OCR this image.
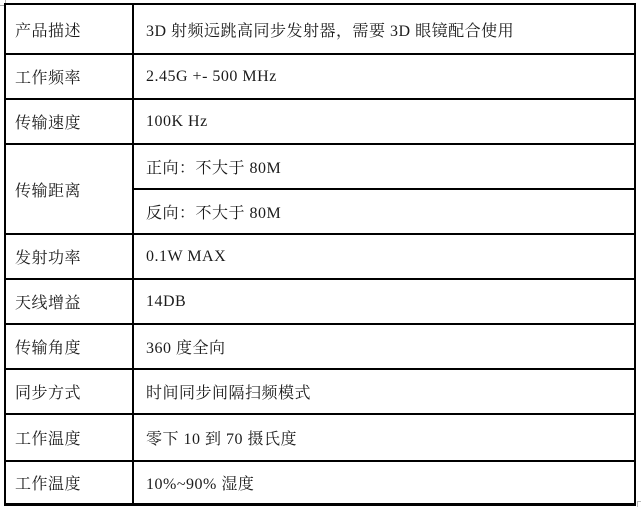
产品描述	3D 射频远跳高同步发射器，需要 3D 眼镜配合使用
工作频率	2.45G +- 500 MHz
传输速度	100K Hz
传输距离	正向：不大于 80M
	反向：不大于 80M
发射功率	0.1W MAX
天线增益	14DB
传输角度	360 度全向
同步方式	时间同步间隔扫频模式
工作温度	零下 10 到 70 摄氏度
工作温度	10%~90% 湿度
